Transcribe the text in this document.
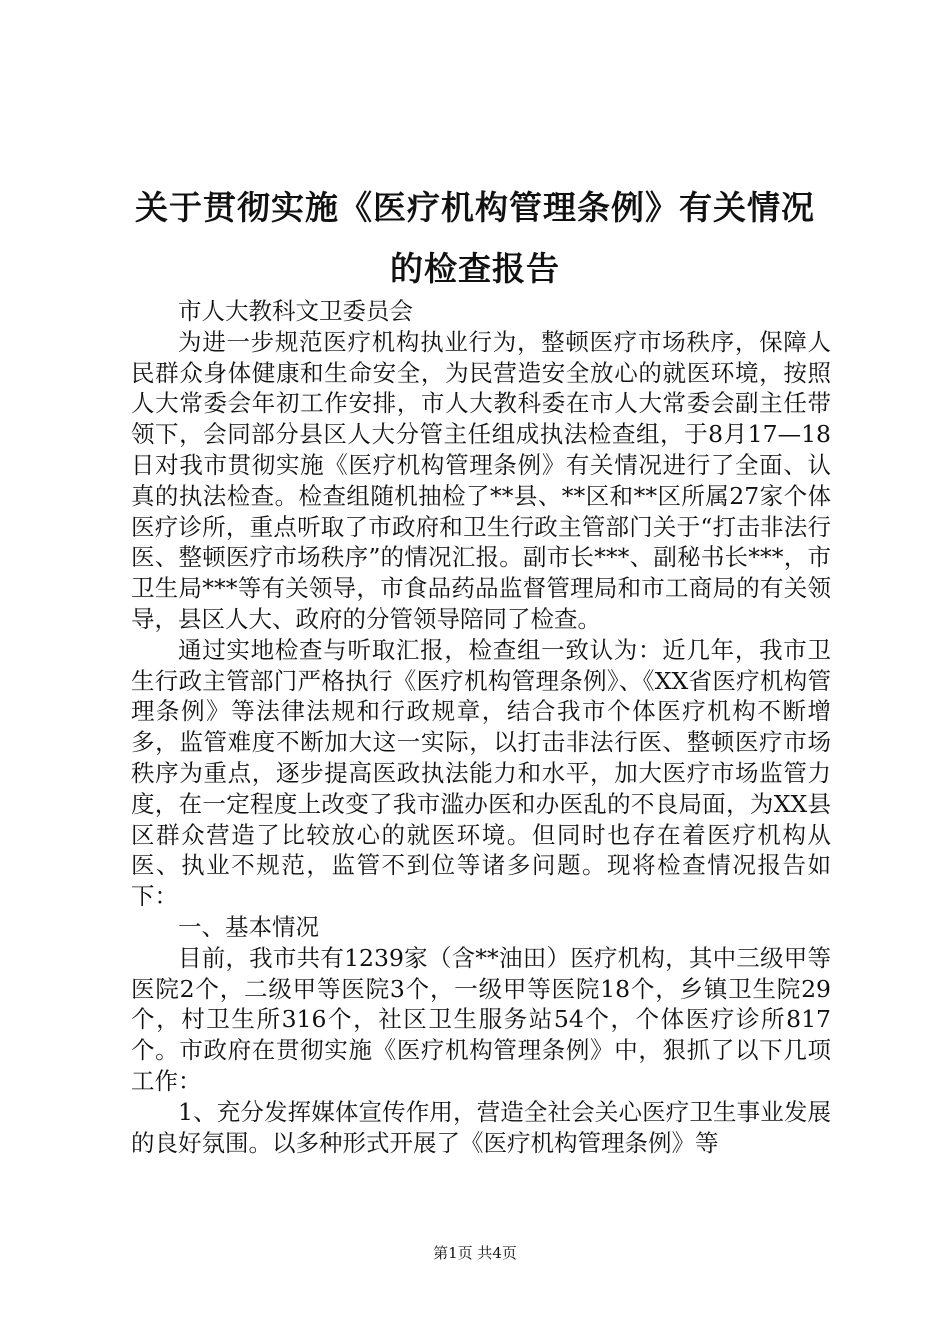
关于贯彻实施《医疗机构管理条例》有关情况
的检查报告

市人大教科文卫委员会

为进一步规范医疗机构执业行为，整顿医疗市场秩序，保障人民群众身体健康和生命安全，为民营造安全放心的就医环境，按照人大常委会年初工作安排，市人大教科委在市人大常委会副主任带领下，会同部分县区人大分管主任组成执法检查组，于8月17—18日对我市贯彻实施《医疗机构管理条例》有关情况进行了全面、认真的执法检查。检查组随机抽检了**县、**区和**区所属27家个体医疗诊所，重点听取了市政府和卫生行政主管部门关于“打击非法行医、整顿医疗市场秩序”的情况汇报。副市长***、副秘书长***，市卫生局***等有关领导，市食品药品监督管理局和市工商局的有关领导，县区人大、政府的分管领导陪同了检查。

通过实地检查与听取汇报，检查组一致认为：近几年，我市卫生行政主管部门严格执行《医疗机构管理条例》、《XX省医疗机构管理条例》等法律法规和行政规章，结合我市个体医疗机构不断增多，监管难度不断加大这一实际，以打击非法行医、整顿医疗市场秩序为重点，逐步提高医政执法能力和水平，加大医疗市场监管力度，在一定程度上改变了我市滥办医和办医乱的不良局面，为XX县区群众营造了比较放心的就医环境。但同时也存在着医疗机构从医、执业不规范，监管不到位等诸多问题。现将检查情况报告如下：

一、基本情况

目前，我市共有1239家（含**油田）医疗机构，其中三级甲等医院2个，二级甲等医院3个，一级甲等医院18个，乡镇卫生院29个，村卫生所316个，社区卫生服务站54个，个体医疗诊所817个。市政府在贯彻实施《医疗机构管理条例》中，狠抓了以下几项工作：

1、充分发挥媒体宣传作用，营造全社会关心医疗卫生事业发展的良好氛围。以多种形式开展了《医疗机构管理条例》等

第1页 共4页
